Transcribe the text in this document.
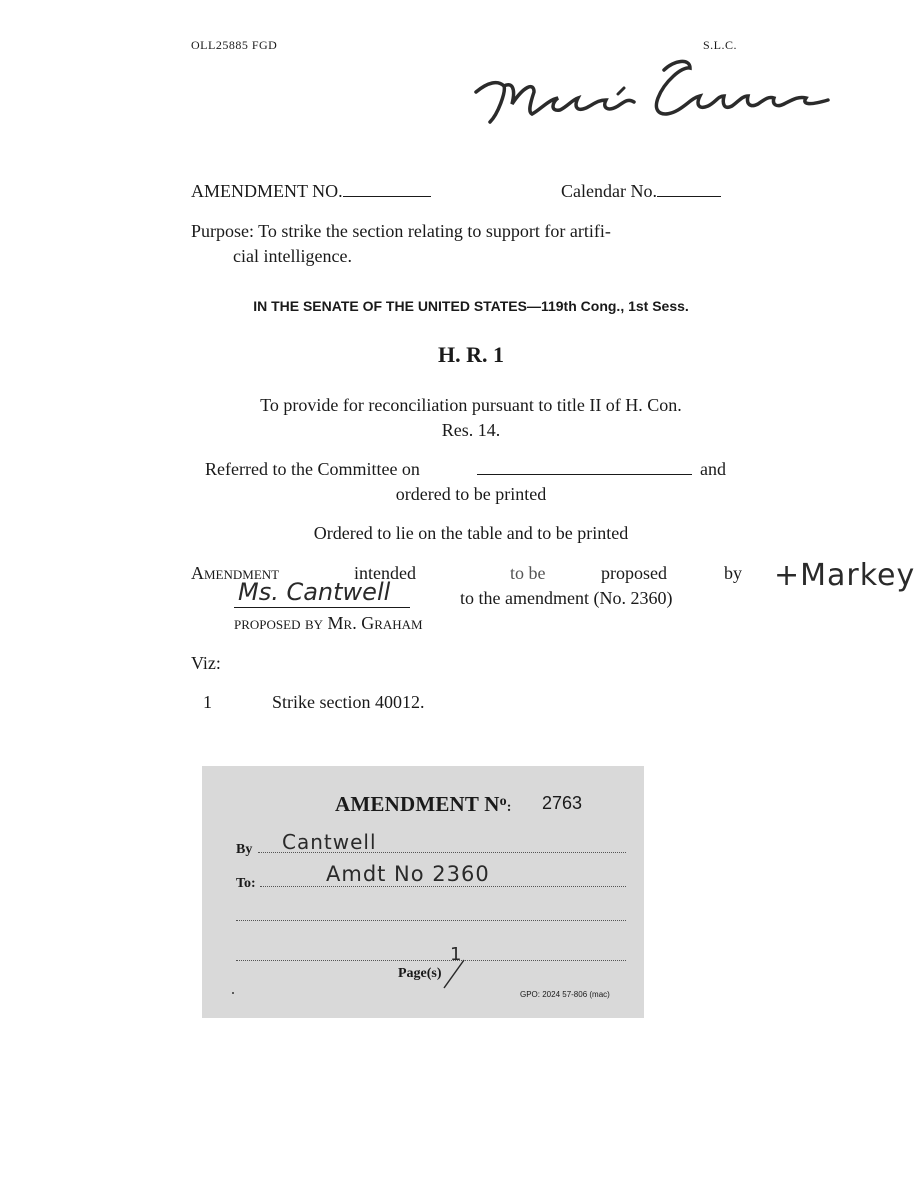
OLL25885 FGD	S.L.C.
AMENDMENT NO.	Calendar No.
Purpose: To strike the section relating to support for artifi-
cial intelligence.
IN THE SENATE OF THE UNITED STATES—119th Cong., 1st Sess.
H. R. 1
To provide for reconciliation pursuant to title II of H. Con.
Res. 14.
Referred to the Committee on	and
ordered to be printed
Ordered to lie on the table and to be printed
Amendment	intended	to be	proposed	by
Ms. Cantwell	to the amendment (No. 2360)
proposed by Mr. Graham
+Markey
Viz:
1	Strike section 40012.
AMENDMENT $N^o$: 2763
By Cantwell
To:	Amdt No 2360
1
Page(s)
GPO: 2024 57-806 (mac)
